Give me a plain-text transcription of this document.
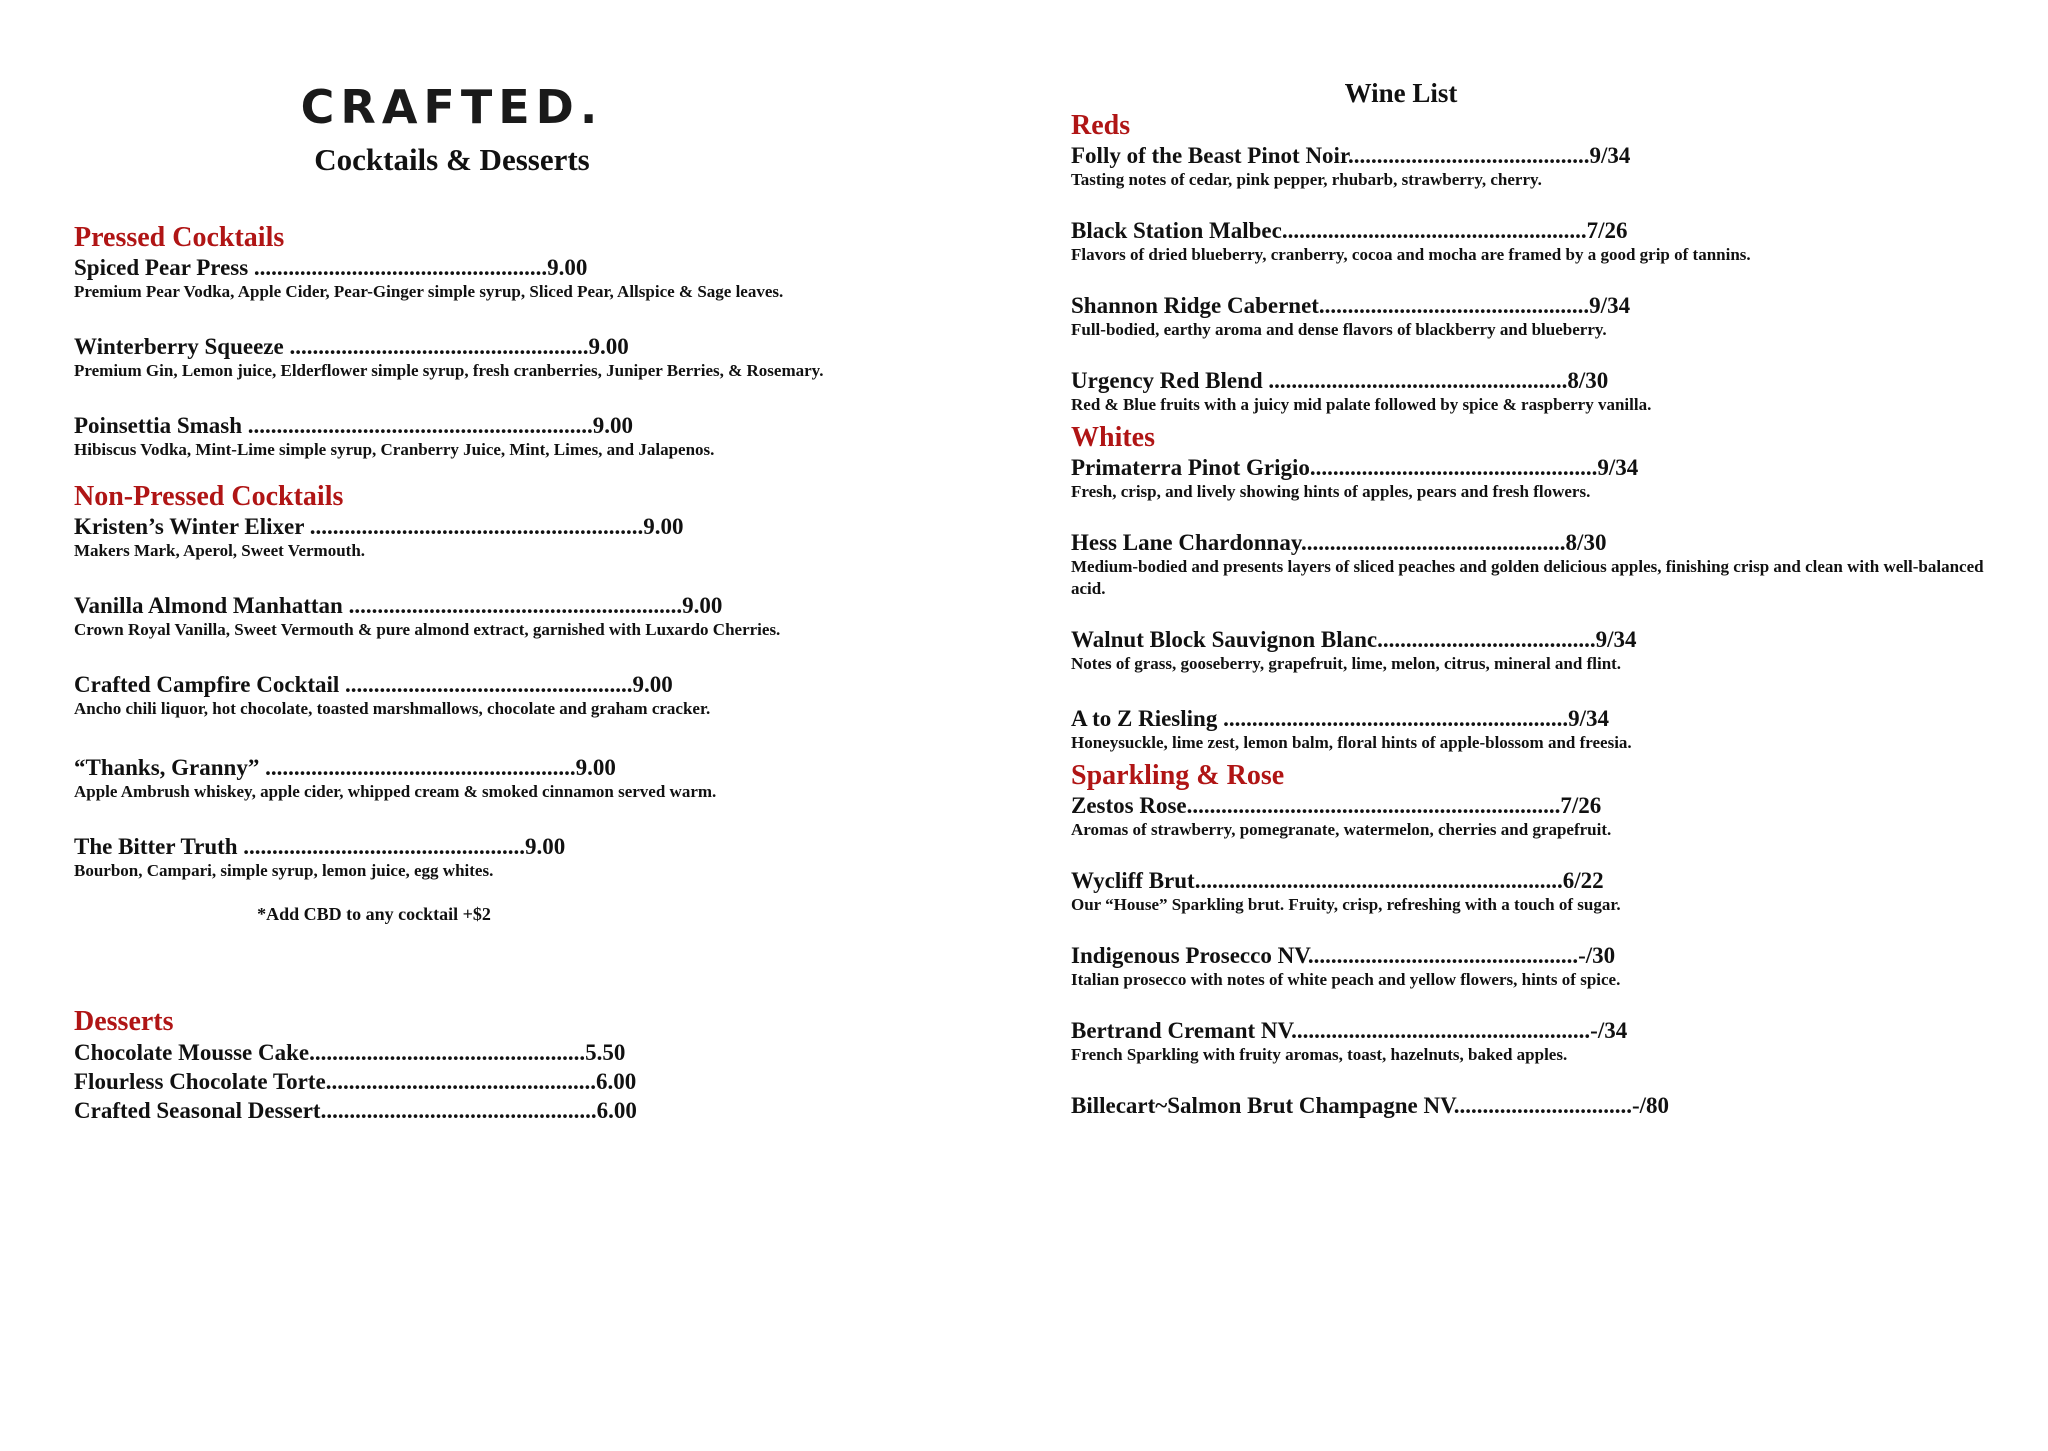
CRAFTED.
Cocktails & Desserts
Pressed Cocktails
Spiced Pear Press ...................................................9.00
Premium Pear Vodka, Apple Cider, Pear-Ginger simple syrup, Sliced Pear, Allspice & Sage leaves.
Winterberry Squeeze ....................................................9.00
Premium Gin, Lemon juice, Elderflower simple syrup, fresh cranberries, Juniper Berries, & Rosemary.
Poinsettia Smash ............................................................9.00
Hibiscus Vodka, Mint-Lime simple syrup, Cranberry Juice, Mint, Limes, and Jalapenos.
Non-Pressed Cocktails
Kristen’s Winter Elixer ..........................................................9.00
Makers Mark, Aperol, Sweet Vermouth.
Vanilla Almond Manhattan ..........................................................9.00
Crown Royal Vanilla, Sweet Vermouth & pure almond extract, garnished with Luxardo Cherries.
Crafted Campfire Cocktail ..................................................9.00
Ancho chili liquor, hot chocolate, toasted marshmallows, chocolate and graham cracker.
“Thanks, Granny” ......................................................9.00
Apple Ambrush whiskey, apple cider, whipped cream & smoked cinnamon served warm.
The Bitter Truth .................................................9.00
Bourbon, Campari, simple syrup, lemon juice, egg whites.
*Add CBD to any cocktail +$2
Desserts
Chocolate Mousse Cake................................................5.50
Flourless Chocolate Torte...............................................6.00
Crafted Seasonal Dessert................................................6.00
Wine List
Reds
Folly of the Beast Pinot Noir..........................................9/34
Tasting notes of cedar, pink pepper, rhubarb, strawberry, cherry.
Black Station Malbec.....................................................7/26
Flavors of dried blueberry, cranberry, cocoa and mocha are framed by a good grip of tannins.
Shannon Ridge Cabernet...............................................9/34
Full-bodied, earthy aroma and dense flavors of blackberry and blueberry.
Urgency Red Blend ....................................................8/30
Red & Blue fruits with a juicy mid palate followed by spice & raspberry vanilla.
Whites
Primaterra Pinot Grigio..................................................9/34
Fresh, crisp, and lively showing hints of apples, pears and fresh flowers.
Hess Lane Chardonnay..............................................8/30
Medium-bodied and presents layers of sliced peaches and golden delicious apples, finishing crisp and clean with well-balanced acid.
Walnut Block Sauvignon Blanc......................................9/34
Notes of grass, gooseberry, grapefruit, lime, melon, citrus, mineral and flint.
A to Z Riesling ............................................................9/34
Honeysuckle, lime zest, lemon balm, floral hints of apple-blossom and freesia.
Sparkling & Rose
Zestos Rose.................................................................7/26
Aromas of strawberry, pomegranate, watermelon, cherries and grapefruit.
Wycliff Brut................................................................6/22
Our “House” Sparkling brut. Fruity, crisp, refreshing with a touch of sugar.
Indigenous Prosecco NV...............................................-/30
Italian prosecco with notes of white peach and yellow flowers, hints of spice.
Bertrand Cremant NV....................................................-/34
French Sparkling with fruity aromas, toast, hazelnuts, baked apples.
Billecart~Salmon Brut Champagne NV...............................-/80
